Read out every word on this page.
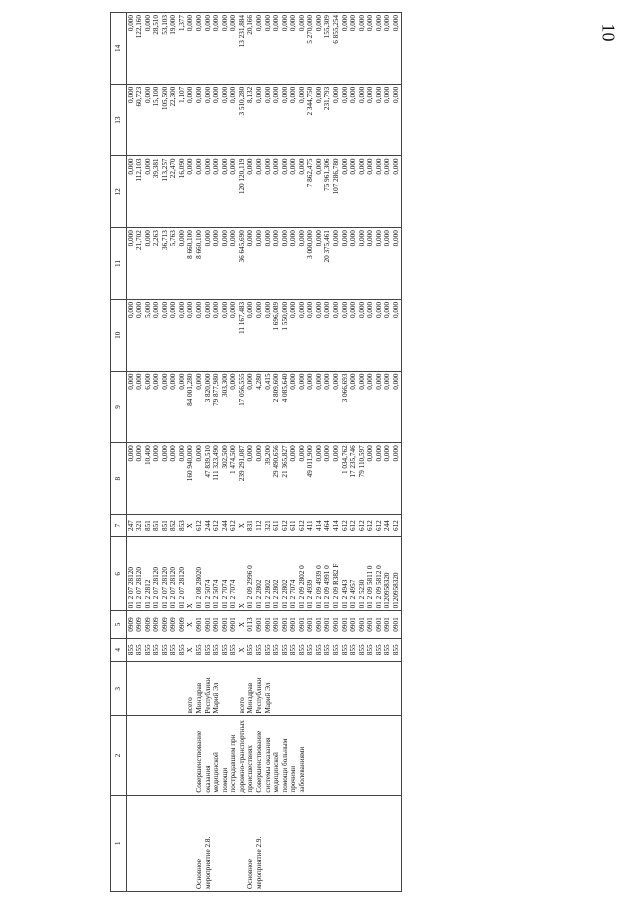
10
1	2	3	4	5	6	7	8	9	10	11	12	13	14
			855	0909	01 2 07 28120	247	0,000	0,000	0,000	0,000	0,000	0,000	0,000
			855	0909	01 2 07 28120	321	0,000	0,000	0,000	21,702	112,103	60,723	122,160
			855	0909	01 2 2812	851	10,400	6,000	5,000	0,000	0,000	0,000	0,000
			855	0909	01 2 07 28120	851	0,000	0,000	0,000	2,263	39,381	15,100	28,510
			855	0909	01 2 07 28120	851	0,000	0,000	0,000	36,713	113,257	105,500	53,103
			855	0909	01 2 07 28120	852	0,000	0,000	0,000	5,763	22,470	22,300	19,000
			855	0909	01 2 07 28120	853	0,000	0,000	0,000	0,000	16,090	1,107	1,377
		всего	X	X	X	X	160 940,000	84 001,280	0,000	8 660,100	0,000	0,000	0,000
Основное	Совершенствование	Минздрав	855	0901	01 2 08 28020	612	0,000	0,000	0,000	8 660,100	0,000	0,000	0,000
мероприятие 2.8.	оказания	Республики	855	0901	01 2 5074	244	47 839,510	3 820,000	0,000	0,000	0,000	0,000	0,000
	медицинской	Марий Эл	855	0901	01 2 5074	612	111 323,490	79 877,980	0,000	0,000	0,000	0,000	0,000
	помощи		855	0901	01 2 7074	244	302,500	303,300	0,000	0,000	0,000	0,000	0,000
	пострадавшим при		855	0901	01 2 7074	612	1 474,500	0,000	0,000	0,000	0,000	0,000	0,000
	дорожно-транспортных	всего	X	X	X	X	239 291,087	17 056,555	11 167,483	36 645,690	120 120,119	3 510,280	13 231,884
Основное	происшествиях	Минздрав	855	0113	01 2 09 2996 0	831	0,000	0,000	0,000	0,000	0,000	8,132	20,166
мероприятие 2.9.	Совершенствование	Республики	855	0901	01 2 2802	112	0,000	4,280	0,000	0,000	0,000	0,000	0,000
	системы оказания	Марий Эл	855	0901	01 2 2802	321	39,200	0,415	0,000	0,000	0,000	0,000	0,000
	медицинской		855	0901	01 2 2802	611	29 490,656	2 809,600	1 696,089	0,000	0,000	0,000	0,000
	помощи больным		855	0901	01 2 2802	612	21 365,827	4 085,640	1 550,000	0,000	0,000	0,000	0,000
	прочими		855	0901	01 2 7074	611	0,000	0,000	0,000	0,000	0,000	0,000	0,000
	заболеваниями		855	0901	01 2 09 2802 0	612	0,000	0,000	0,000	0,000	0,000	0,000	0,000
			855	0901	01 2 4939	411	49 011,900	0,000	0,000	3 000,000	7 862,475	2 344,750	5 270,000
			855	0901	01 2 09 4939 0	414	0,000	0,000	0,000	0,000	0,000	0,000	0,000
			855	0901	01 2 09 4991 0	464	0,000	0,000	0,000	20 375,461	75 961,306	231,793	155,309
			855	0901	01 2 09 R382 F	414	0,000	0,000	0,000	0,000	107 286,780	0,000	6 855,254
			855	0901	01 2 4943	612	1 034,762	3 066,693	0,000	0,000	0,000	0,000	0,000
			855	0901	01 2 4957	612	17 235,746	0,000	0,000	0,000	0,000	0,000	0,000
			855	0901	01 2 5230	612	79 110,597	0,000	0,000	0,000	0,000	0,000	0,000
			855	0901	01 2 09 5811 0	612	0,000	0,000	0,000	0,000	0,000	0,000	0,000
			855	0901	01 2 09 5812 0	612	0,000	0,000	0,000	0,000	0,000	0,000	0,000
			855	0901	0120958320	244	0,000	0,000	0,000	0,000	0,000	0,000	0,000
			855	0901	0120958320	612	0,000	0,000	0,000	0,000	0,000	0,000	0,000
